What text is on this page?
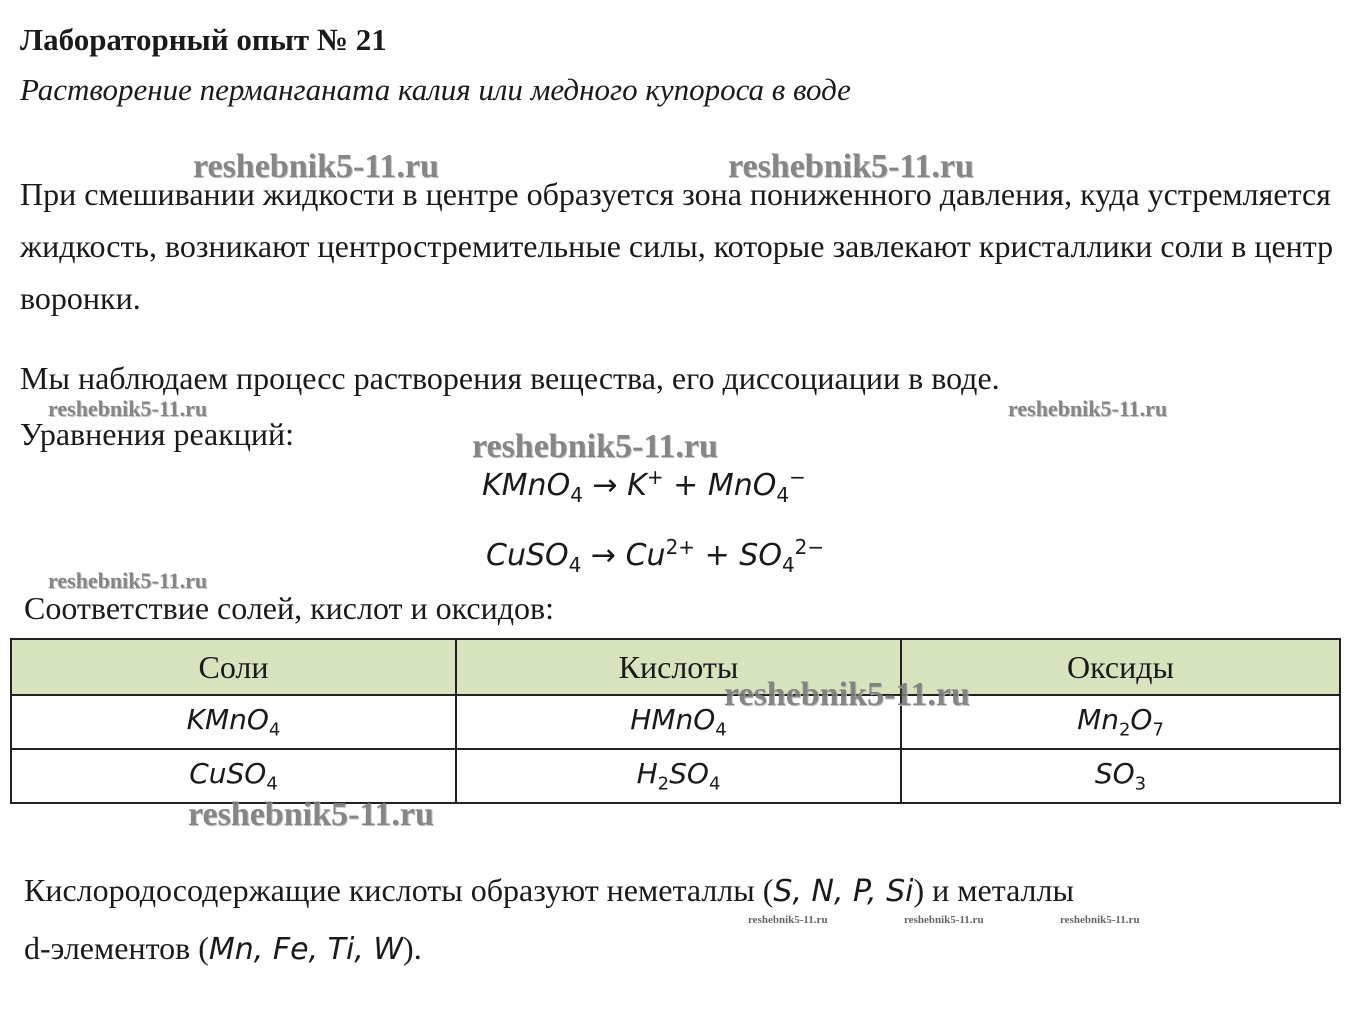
Лабораторный опыт № 21
Растворение перманганата калия или медного купороса в воде
При смешивании жидкости в центре образуется зона пониженного давления, куда устремляется жидкость, возникают центростремительные силы, которые завлекают кристаллики соли в центр воронки.
Мы наблюдаем процесс растворения вещества, его диссоциации в воде.
Уравнения реакций:
KMnO$_4$ → K+ + MnO$_4$−
CuSO$_4$ → $Cu^{2+} + SO_4^{2-}$
Соответствие солей, кислот и оксидов:
Соли	Кислоты	Оксиды
KMnO$_4$	HMnO$_4$	$Mn_2O_7$
CuSO$_4$	$H_2SO_4$	$SO_3$
Кислородосодержащие кислоты образуют неметаллы (S, N, P, Si) и металлы
d-элементов (Mn, Fe, Ti, W).
reshebnik5-11.ru	reshebnik5-11.ru
reshebnik5-11.ru	reshebnik5-11.ru
reshebnik5-11.ru
reshebnik5-11.ru
reshebnik5-11.ru
reshebnik5-11.ru
reshebnik5-11.ru	reshebnik5-11.ru	reshebnik5-11.ru
